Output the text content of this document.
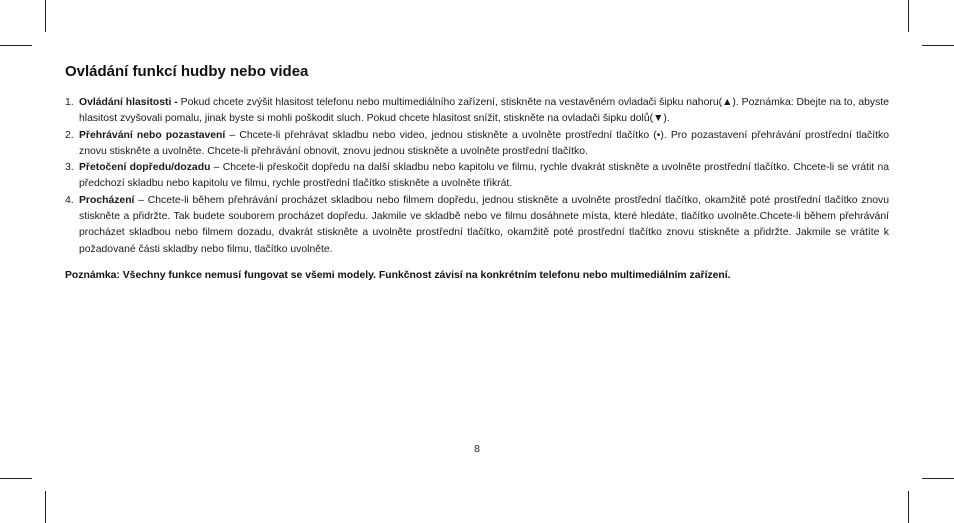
Ovládání funkcí hudby nebo videa
1. Ovládání hlasitosti - Pokud chcete zvýšit hlasitost telefonu nebo multimediálního zařízení, stiskněte na vestavěném ovladači šipku nahoru(▲). Poznámka: Dbejte na to, abyste hlasitost zvyšovali pomalu, jinak byste si mohli poškodit sluch. Pokud chcete hlasitost snížit, stiskněte na ovladači šipku dolů(▼).
2. Přehrávání nebo pozastavení – Chcete-li přehrávat skladbu nebo video, jednou stiskněte a uvolněte prostřední tlačítko (•). Pro pozastavení přehrávání prostřední tlačítko znovu stiskněte a uvolněte. Chcete-li přehrávání obnovit, znovu jednou stiskněte a uvolněte prostřední tlačítko.
3. Přetočení dopředu/dozadu – Chcete-li přeskočit dopředu na další skladbu nebo kapitolu ve filmu, rychle dvakrát stiskněte a uvolněte prostřední tlačítko. Chcete-li se vrátit na předchozí skladbu nebo kapitolu ve filmu, rychle prostřední tlačítko stiskněte a uvolněte třikrát.
4. Procházení – Chcete-li během přehrávání procházet skladbou nebo filmem dopředu, jednou stiskněte a uvolněte prostřední tlačítko, okamžitě poté prostřední tlačítko znovu stiskněte a přidržte. Tak budete souborem procházet dopředu. Jakmile ve skladbě nebo ve filmu dosáhnete místa, které hledáte, tlačítko uvolněte.Chcete-li během přehrávání procházet skladbou nebo filmem dozadu, dvakrát stiskněte a uvolněte prostřední tlačítko, okamžitě poté prostřední tlačítko znovu stiskněte a přidržte. Jakmile se vrátíte k požadované části skladby nebo filmu, tlačítko uvolněte.

Poznámka: Všechny funkce nemusí fungovat se všemi modely. Funkčnost závisí na konkrétním telefonu nebo multimediálním zařízení.

8
